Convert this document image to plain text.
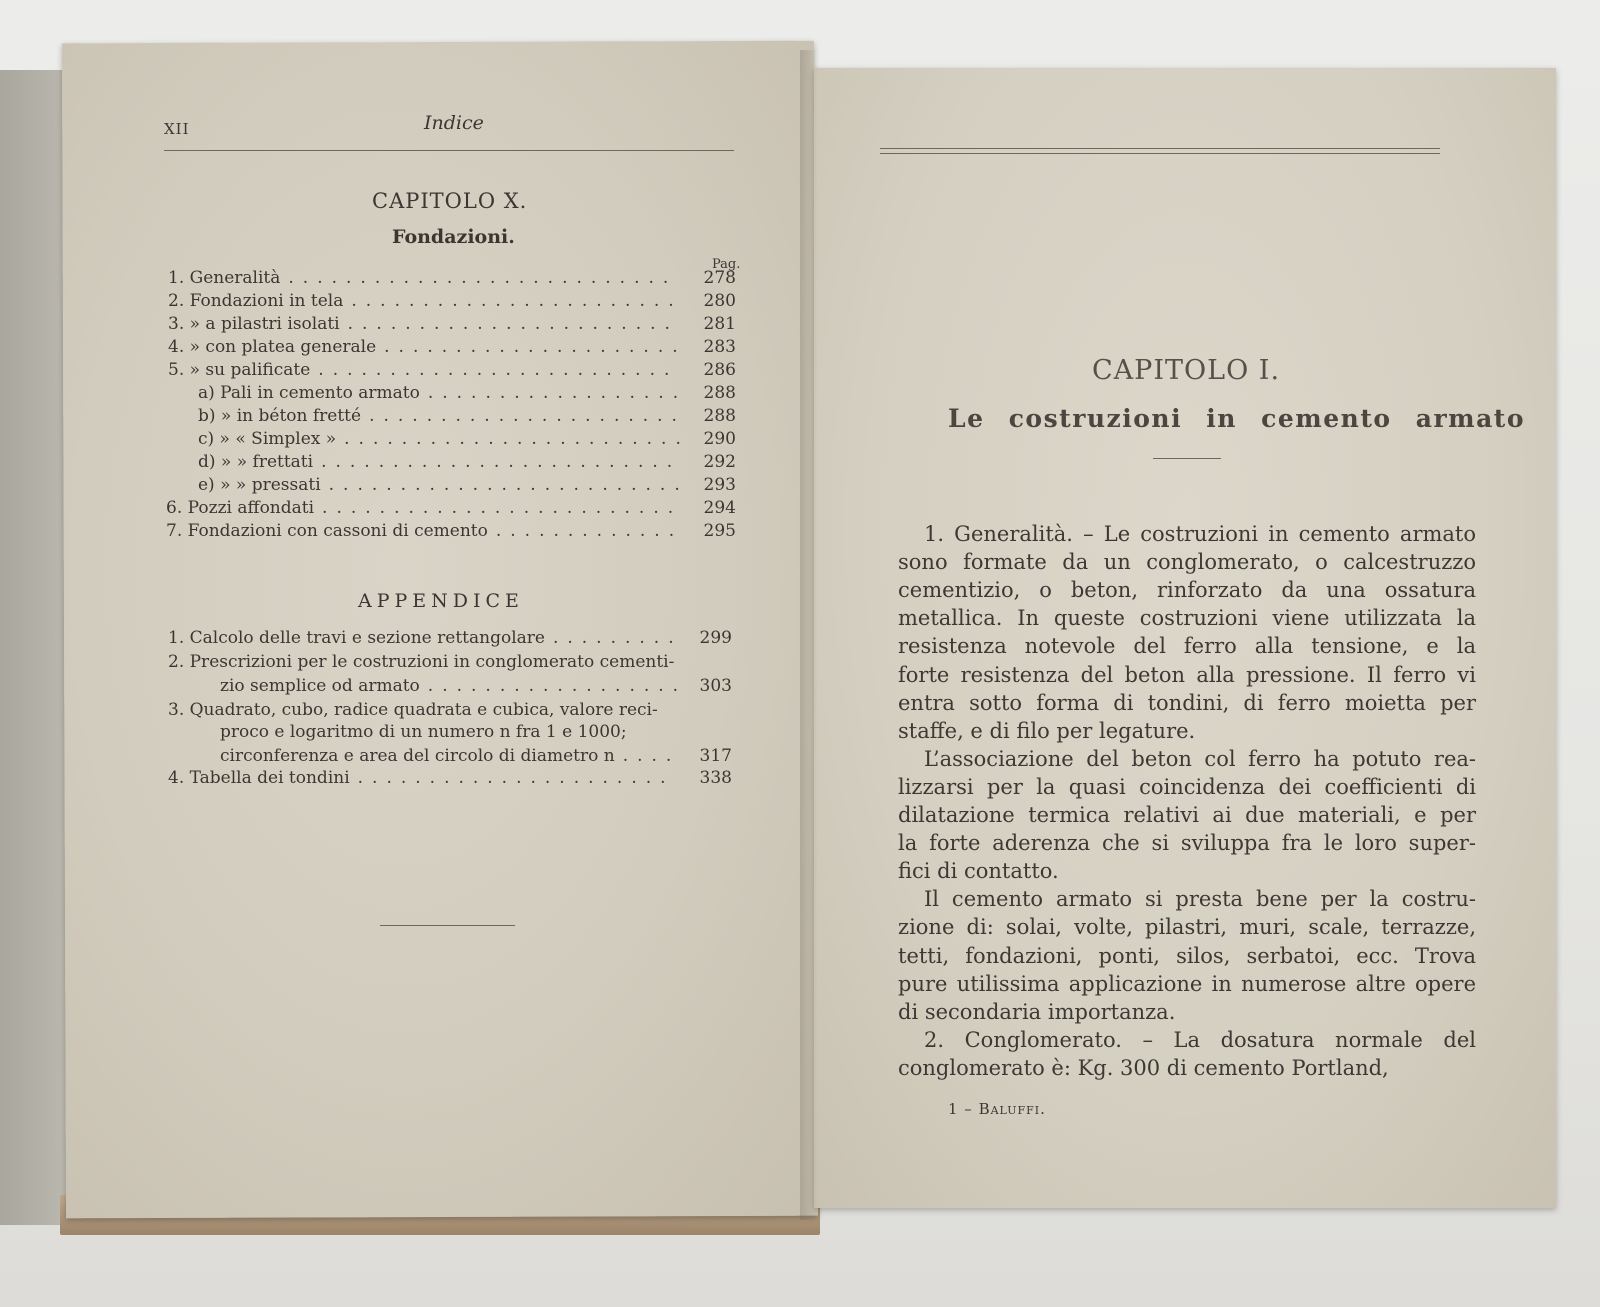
XII	Indice
CAPITOLO X.
Fondazioni.
Pag.
APPENDICE
CAPITOLO I.
Le costruzioni in cemento armato
1 – Baluffi.
1. Generalità	278
...........................
2. Fondazioni in tela	280
.......................
3. » a pilastri isolati	281
.......................
4. » con platea generale	283
.....................
5. » su palificate	286
.........................
a) Pali in cemento armato	288
..................
b) » in béton fretté	288
......................
c) » « Simplex »	290
........................
d) » » frettati	292
.........................
e) » » pressati	293
.........................
6. Pozzi affondati	294
.........................
7. Fondazioni con cassoni di cemento	295
.............
1. Calcolo delle travi e sezione rettangolare	299
.........
2. Prescrizioni per le costruzioni in conglomerato cementi-
zio semplice od armato	303
..................
3. Quadrato, cubo, radice quadrata e cubica, valore reci-
proco e logaritmo di un numero n fra 1 e 1000;
circonferenza e area del circolo di diametro n	317
....
4. Tabella dei tondini	338
......................
1. Generalità. – Le costruzioni in cemento armato
sono formate da un conglomerato, o calcestruzzo
cementizio, o beton, rinforzato da una ossatura
metallica. In queste costruzioni viene utilizzata la
resistenza notevole del ferro alla tensione, e la
forte resistenza del beton alla pressione. Il ferro vi
entra sotto forma di tondini, di ferro moietta per
staffe, e di filo per legature.
L’associazione del beton col ferro ha potuto rea-
lizzarsi per la quasi coincidenza dei coefficienti di
dilatazione termica relativi ai due materiali, e per
la forte aderenza che si sviluppa fra le loro super-
fici di contatto.
Il cemento armato si presta bene per la costru-
zione di: solai, volte, pilastri, muri, scale, terrazze,
tetti, fondazioni, ponti, silos, serbatoi, ecc. Trova
pure utilissima applicazione in numerose altre opere
di secondaria importanza.
2. Conglomerato. – La dosatura normale del
conglomerato è: Kg. 300 di cemento Portland,
